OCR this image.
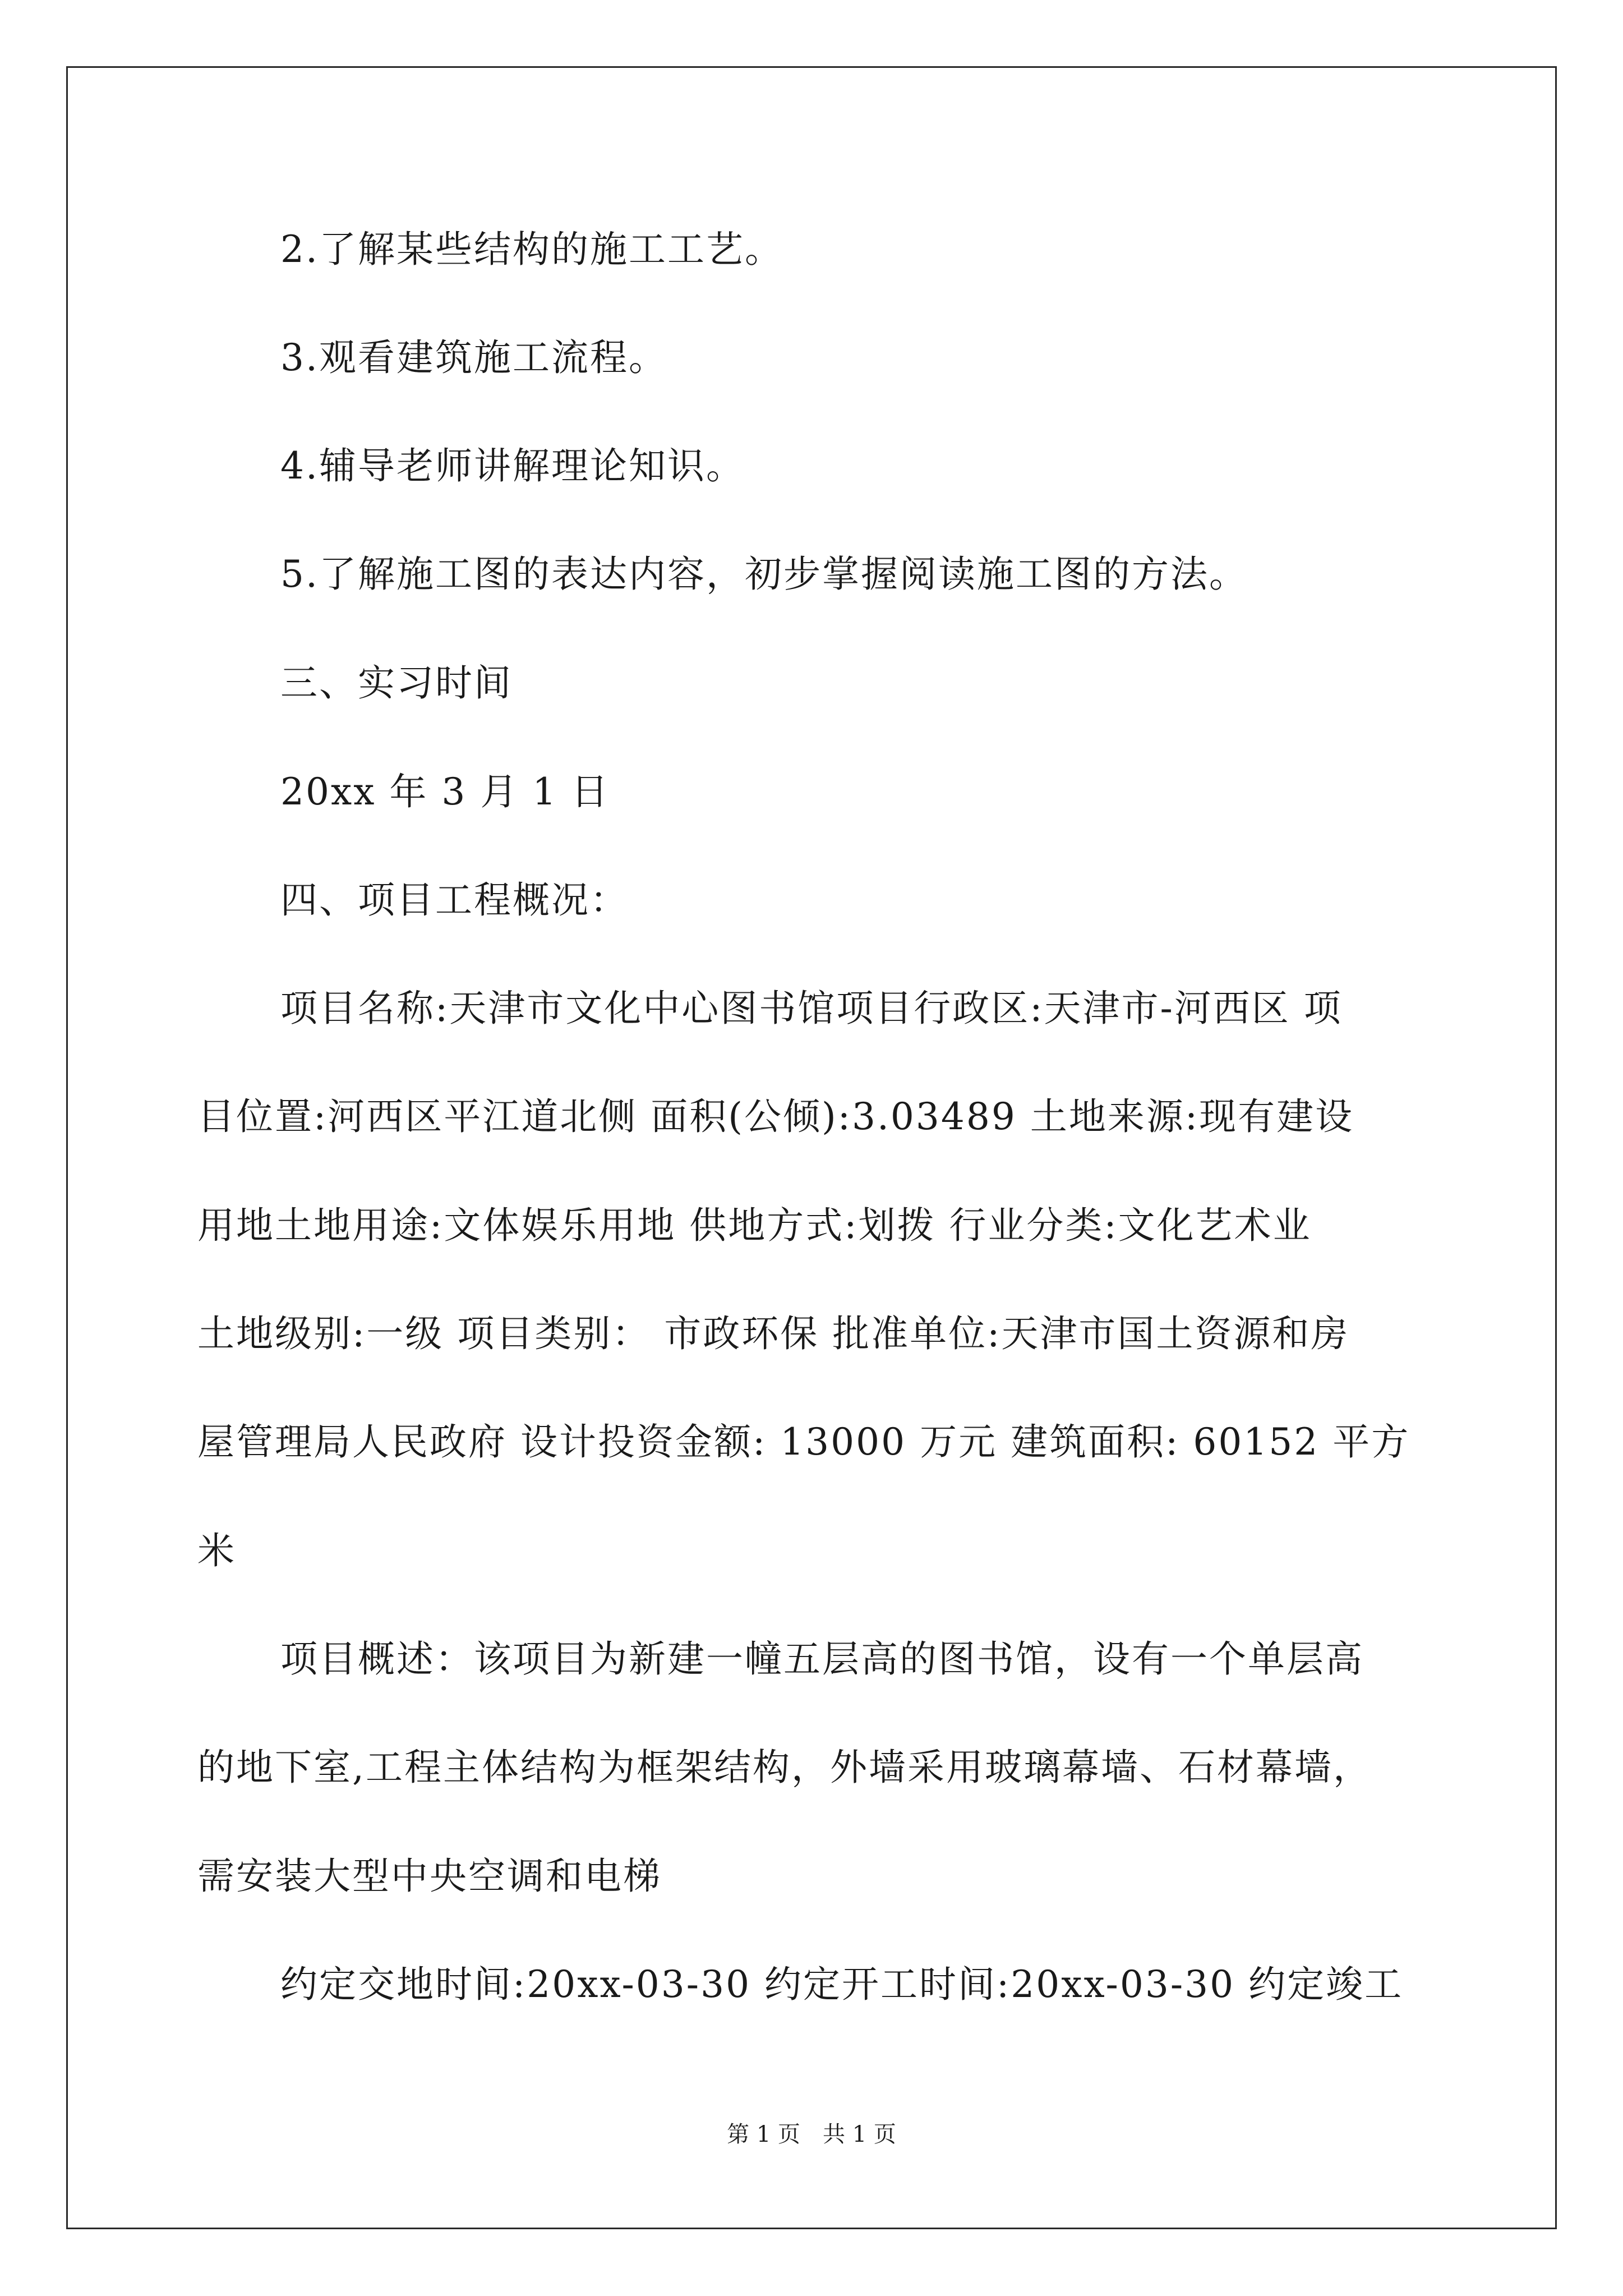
2.了解某些结构的施工工艺。
3.观看建筑施工流程。
4.辅导老师讲解理论知识。
5.了解施工图的表达内容，初步掌握阅读施工图的方法。
三、实习时间
20xx 年 3 月 1 日
四、项目工程概况：
项目名称:天津市文化中心图书馆项目行政区:天津市-河西区 项
目位置:河西区平江道北侧 面积(公倾):3.03489 土地来源:现有建设
用地土地用途:文体娱乐用地 供地方式:划拨 行业分类:文化艺术业
土地级别:一级 项目类别： 市政环保 批准单位:天津市国土资源和房
屋管理局人民政府 设计投资金额: 13000 万元 建筑面积: 60152 平方
米
项目概述：该项目为新建一幢五层高的图书馆，设有一个单层高
的地下室,工程主体结构为框架结构，外墙采用玻璃幕墙、石材幕墙，
需安装大型中央空调和电梯
约定交地时间:20xx-03-30 约定开工时间:20xx-03-30 约定竣工
第 1 页 共 1 页
